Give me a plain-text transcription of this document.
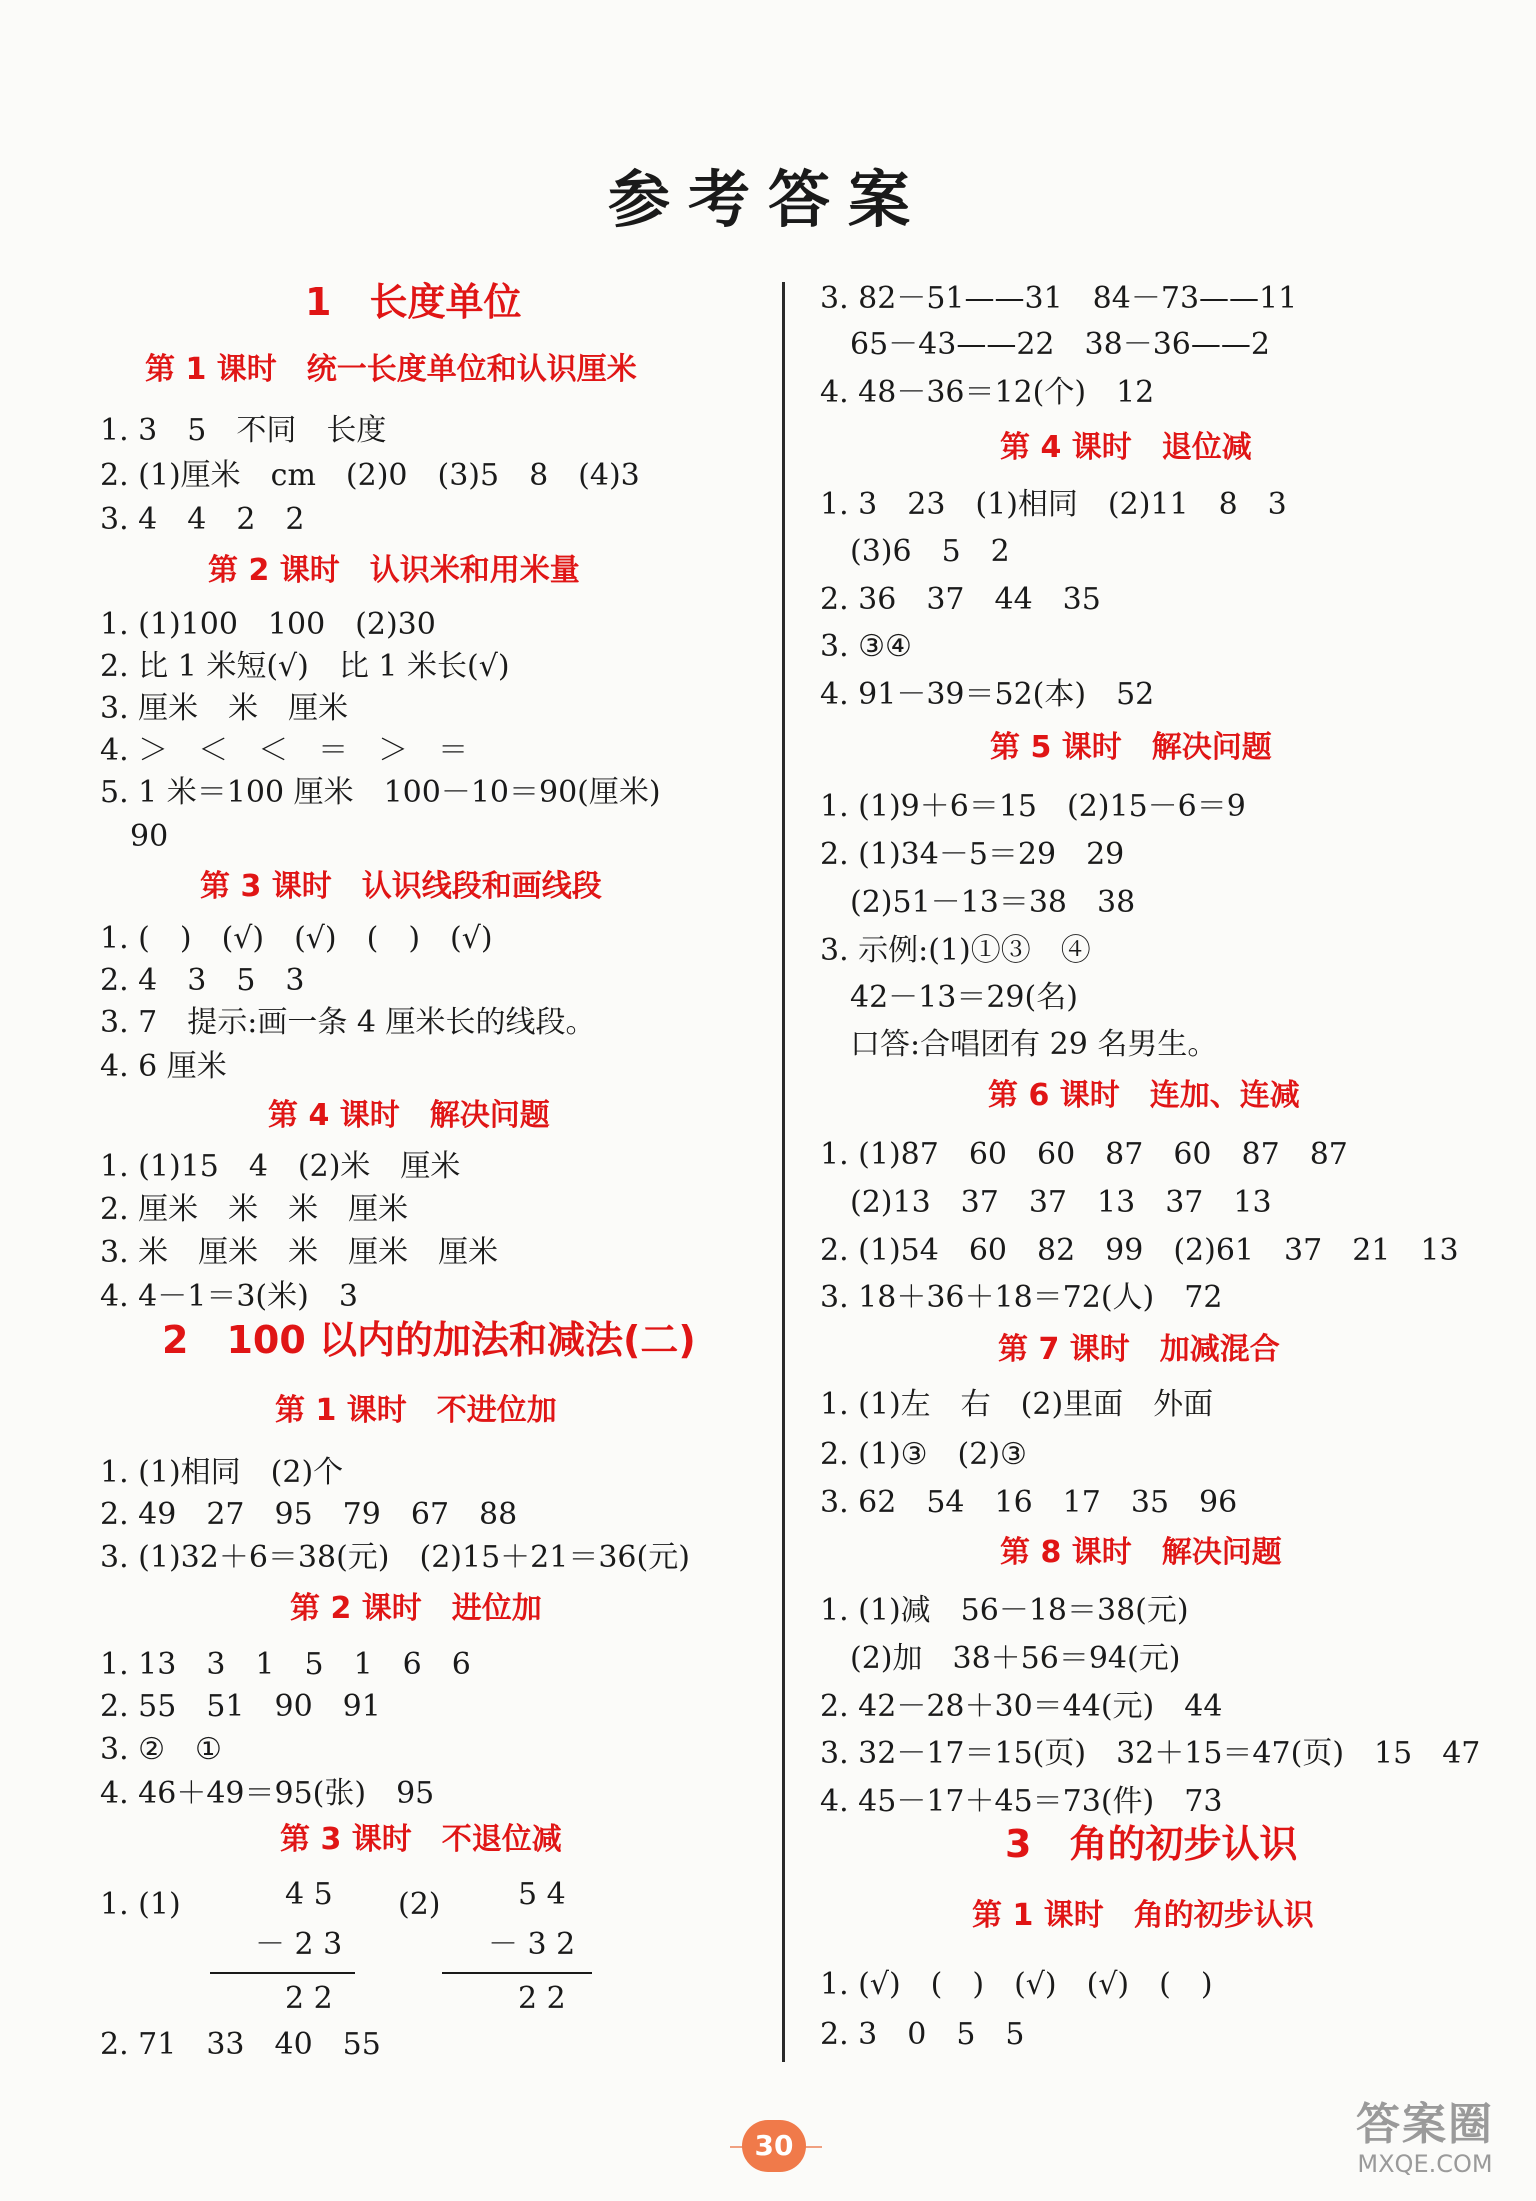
参考答案
1　长度单位
第 1 课时　统一长度单位和认识厘米
1. 3　5　不同　长度
2. (1)厘米　cm　(2)0　(3)5　8　(4)3
3. 4　4　2　2
第 2 课时　认识米和用米量
1. (1)100　100　(2)30
2. 比 1 米短(√)　比 1 米长(√)
3. 厘米　米　厘米
4. ＞　＜　＜　＝　＞　＝
5. 1 米＝100 厘米　100－10＝90(厘米)
　90
第 3 课时　认识线段和画线段
1. (　)　(√)　(√)　(　)　(√)
2. 4　3　5　3
3. 7　提示:画一条 4 厘米长的线段。
4. 6 厘米
第 4 课时　解决问题
1. (1)15　4　(2)米　厘米
2. 厘米　米　米　厘米
3. 米　厘米　米　厘米　厘米
4. 4－1＝3(米)　3
2　100 以内的加法和减法(二)
第 1 课时　不进位加
1. (1)相同　(2)个
2. 49　27　95　79　67　88
3. (1)32＋6＝38(元)　(2)15＋21＝36(元)
第 2 课时　进位加
1. 13　3　1　5　1　6　6
2. 55　51　90　91
3. ②　①
4. 46＋49＝95(张)　95
第 3 课时　不退位减
1. (1)	4 5
－ 2 3
2 2
(2)	5 4
－ 3 2
2 2
2. 71　33　40　55
3. 82－51——31　84－73——11
　65－43——22　38－36——2
4. 48－36＝12(个)　12
第 4 课时　退位减
1. 3　23　(1)相同　(2)11　8　3
　(3)6　5　2
2. 36　37　44　35
3. ③④
4. 91－39＝52(本)　52
第 5 课时　解决问题
1. (1)9＋6＝15　(2)15－6＝9
2. (1)34－5＝29　29
　(2)51－13＝38　38
3. 示例:(1)①③　④
　42－13＝29(名)
　口答:合唱团有 29 名男生。
第 6 课时　连加、连减
1. (1)87　60　60　87　60　87　87
　(2)13　37　37　13　37　13
2. (1)54　60　82　99　(2)61　37　21　13
3. 18＋36＋18＝72(人)　72
第 7 课时　加减混合
1. (1)左　右　(2)里面　外面
2. (1)③　(2)③
3. 62　54　16　17　35　96
第 8 课时　解决问题
1. (1)减　56－18＝38(元)
　(2)加　38＋56＝94(元)
2. 42－28＋30＝44(元)　44
3. 32－17＝15(页)　32＋15＝47(页)　15　47
4. 45－17＋45＝73(件)　73
3　角的初步认识
第 1 课时　角的初步认识
1. (√)　(　)　(√)　(√)　(　)
2. 3　0　5　5
30	答案圈
MXQE.COM
